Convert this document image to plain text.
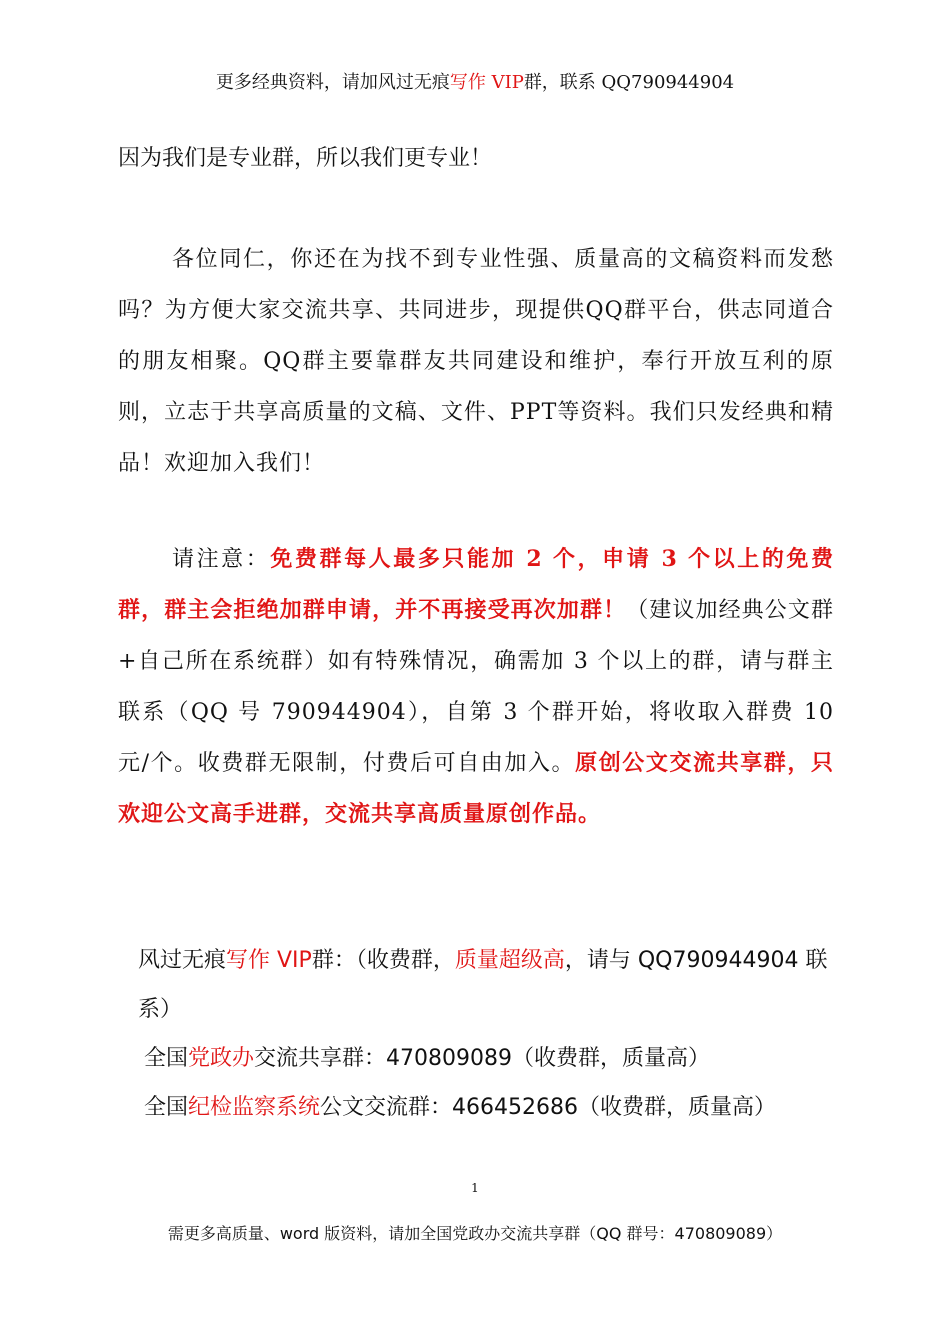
更多经典资料，请加风过无痕写作 VIP群，联系 QQ790944904
因为我们是专业群，所以我们更专业！

各位同仁，你还在为找不到专业性强、质量高的文稿资料而发愁吗？为方便大家交流共享、共同进步，现提供QQ群平台，供志同道合的朋友相聚。QQ群主要靠群友共同建设和维护，奉行开放互利的原则，立志于共享高质量的文稿、文件、PPT等资料。我们只发经典和精品！欢迎加入我们！

请注意：免费群每人最多只能加 2 个，申请 3 个以上的免费群，群主会拒绝加群申请，并不再接受再次加群！（建议加经典公文群+自己所在系统群）如有特殊情况，确需加 3 个以上的群，请与群主联系（QQ 号 790944904），自第 3 个群开始，将收取入群费 10 元/个。收费群无限制，付费后可自由加入。原创公文交流共享群，只欢迎公文高手进群，交流共享高质量原创作品。

风过无痕写作 VIP群：（收费群，质量超级高，请与 QQ790944904 联系）

全国党政办交流共享群：470809089（收费群，质量高）

全国纪检监察系统公文交流群：466452686（收费群，质量高）

1
需更多高质量、word 版资料，请加全国党政办交流共享群（QQ 群号：470809089）
